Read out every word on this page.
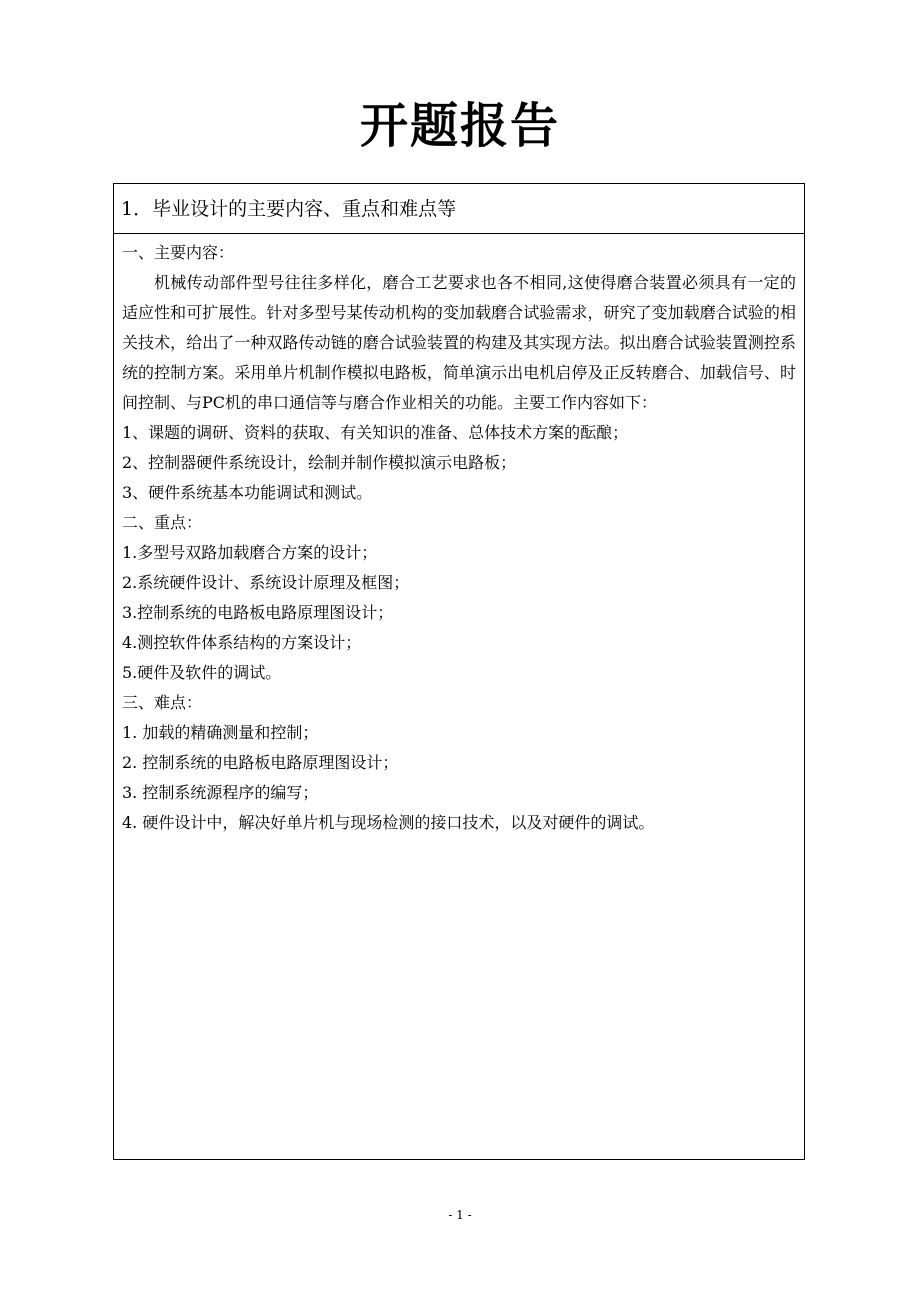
开题报告
1．毕业设计的主要内容、重点和难点等
一、主要内容：
机械传动部件型号往往多样化，磨合工艺要求也各不相同,这使得磨合装置必须具有一定的适应性和可扩展性。针对多型号某传动机构的变加载磨合试验需求，研究了变加载磨合试验的相关技术，给出了一种双路传动链的磨合试验装置的构建及其实现方法。拟出磨合试验装置测控系统的控制方案。采用单片机制作模拟电路板，简单演示出电机启停及正反转磨合、加载信号、时间控制、与PC机的串口通信等与磨合作业相关的功能。主要工作内容如下：
1、课题的调研、资料的获取、有关知识的准备、总体技术方案的酝酿；
2、控制器硬件系统设计，绘制并制作模拟演示电路板；
3、硬件系统基本功能调试和测试。
二、重点：
1.多型号双路加载磨合方案的设计；
2.系统硬件设计、系统设计原理及框图；
3.控制系统的电路板电路原理图设计；
4.测控软件体系结构的方案设计；
5.硬件及软件的调试。
三、难点：
1. 加载的精确测量和控制；
2. 控制系统的电路板电路原理图设计；
3. 控制系统源程序的编写；
4. 硬件设计中，解决好单片机与现场检测的接口技术，以及对硬件的调试。
- 1 -
